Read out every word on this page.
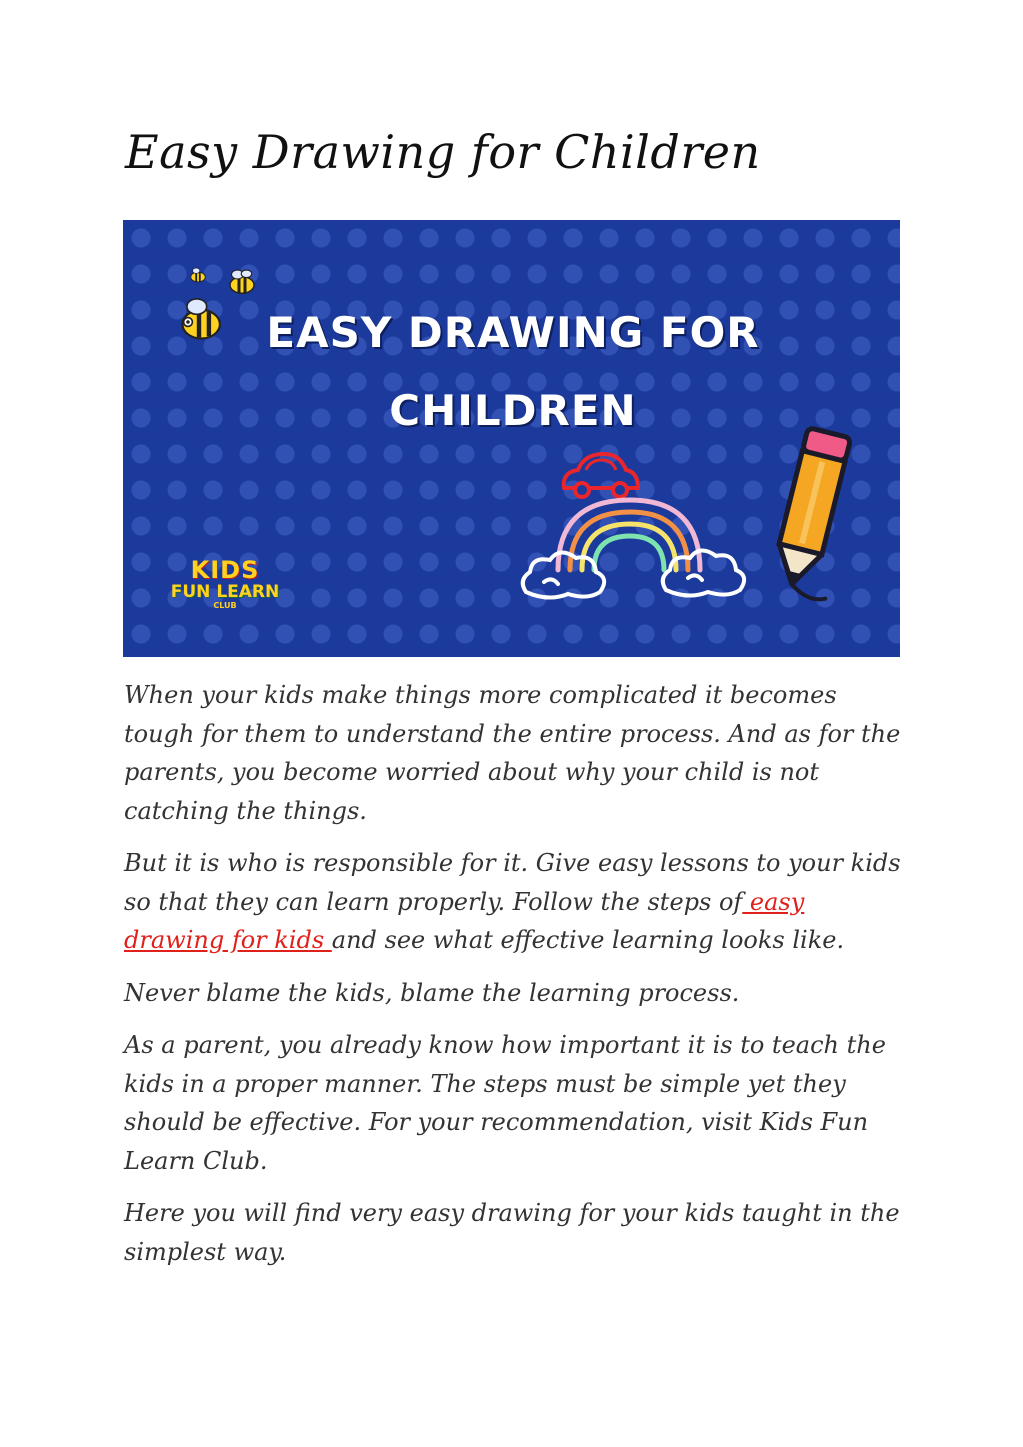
Easy Drawing for Children
EASY DRAWING FOR
CHILDREN
KIDS
FUN LEARN
CLUB

When your kids make things more complicated it becomes tough for them to understand the entire process. And as for the parents, you become worried about why your child is not catching the things.

But it is who is responsible for it. Give easy lessons to your kids so that they can learn properly. Follow the steps of easy drawing for kids and see what effective learning looks like.

Never blame the kids, blame the learning process.

As a parent, you already know how important it is to teach the kids in a proper manner. The steps must be simple yet they should be effective. For your recommendation, visit Kids Fun Learn Club.

Here you will find very easy drawing for your kids taught in the simplest way.
